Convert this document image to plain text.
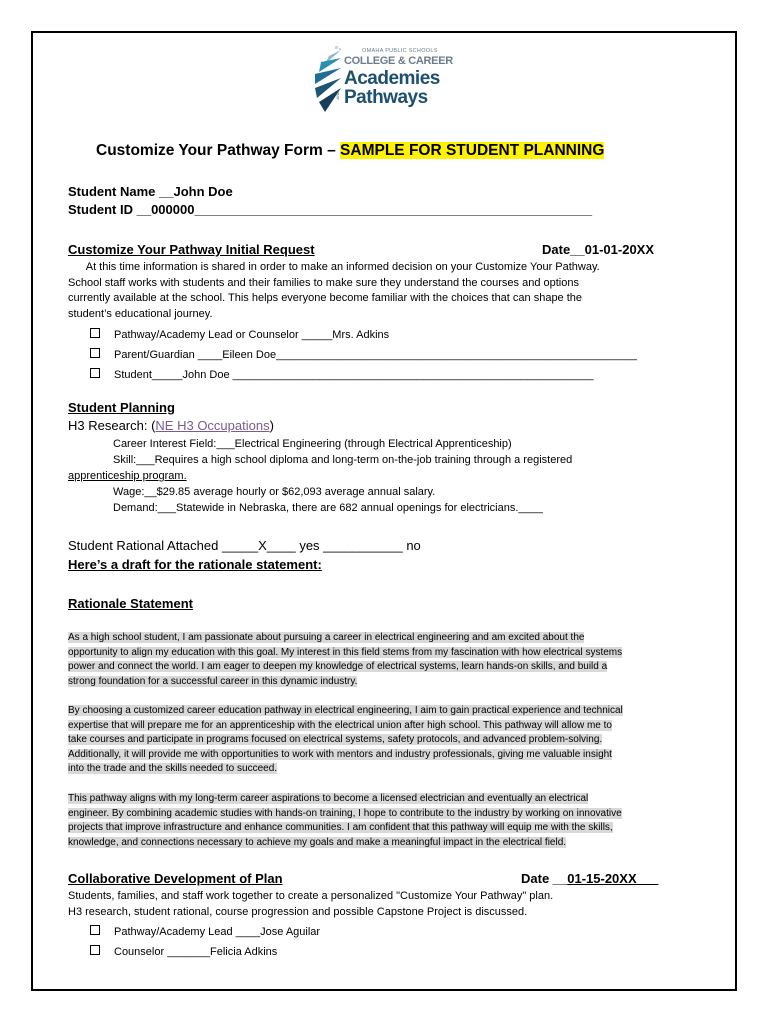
OMAHA PUBLIC SCHOOLS
COLLEGE & CAREER
Academies
AND Pathways
Customize Your Pathway Form – SAMPLE FOR STUDENT PLANNING
Student Name __John Doe
Student ID __000000_______________________________________________________
Customize Your Pathway Initial Request	Date__01-01-20XX
At this time information is shared in order to make an informed decision on your Customize Your Pathway.
School staff works with students and their families to make sure they understand the courses and options
currently available at the school. This helps everyone become familiar with the choices that can shape the
student’s educational journey.
Pathway/Academy Lead or Counselor _____Mrs. Adkins
Parent/Guardian ____Eileen Doe___________________________________________________________
Student_____John Doe ___________________________________________________________
Student Planning
H3 Research: (NE H3 Occupations)
Career Interest Field:___Electrical Engineering (through Electrical Apprenticeship)
Skill:___Requires a high school diploma and long-term on-the-job training through a registered
apprenticeship program.
Wage:__$29.85 average hourly or $62,093 average annual salary.
Demand:___Statewide in Nebraska, there are 682 annual openings for electricians.____
Student Rational Attached _____X____ yes ___________ no
Here’s a draft for the rationale statement:
Rationale Statement
As a high school student, I am passionate about pursuing a career in electrical engineering and am excited about the
opportunity to align my education with this goal. My interest in this field stems from my fascination with how electrical systems
power and connect the world. I am eager to deepen my knowledge of electrical systems, learn hands-on skills, and build a
strong foundation for a successful career in this dynamic industry.
By choosing a customized career education pathway in electrical engineering, I aim to gain practical experience and technical
expertise that will prepare me for an apprenticeship with the electrical union after high school. This pathway will allow me to
take courses and participate in programs focused on electrical systems, safety protocols, and advanced problem-solving.
Additionally, it will provide me with opportunities to work with mentors and industry professionals, giving me valuable insight
into the trade and the skills needed to succeed.
This pathway aligns with my long-term career aspirations to become a licensed electrician and eventually an electrical
engineer. By combining academic studies with hands-on training, I hope to contribute to the industry by working on innovative
projects that improve infrastructure and enhance communities. I am confident that this pathway will equip me with the skills,
knowledge, and connections necessary to achieve my goals and make a meaningful impact in the electrical field.
Collaborative Development of Plan	Date __01-15-20XX___
Students, families, and staff work together to create a personalized "Customize Your Pathway" plan.
H3 research, student rational, course progression and possible Capstone Project is discussed.
Pathway/Academy Lead ____Jose Aguilar
Counselor _______Felicia Adkins
